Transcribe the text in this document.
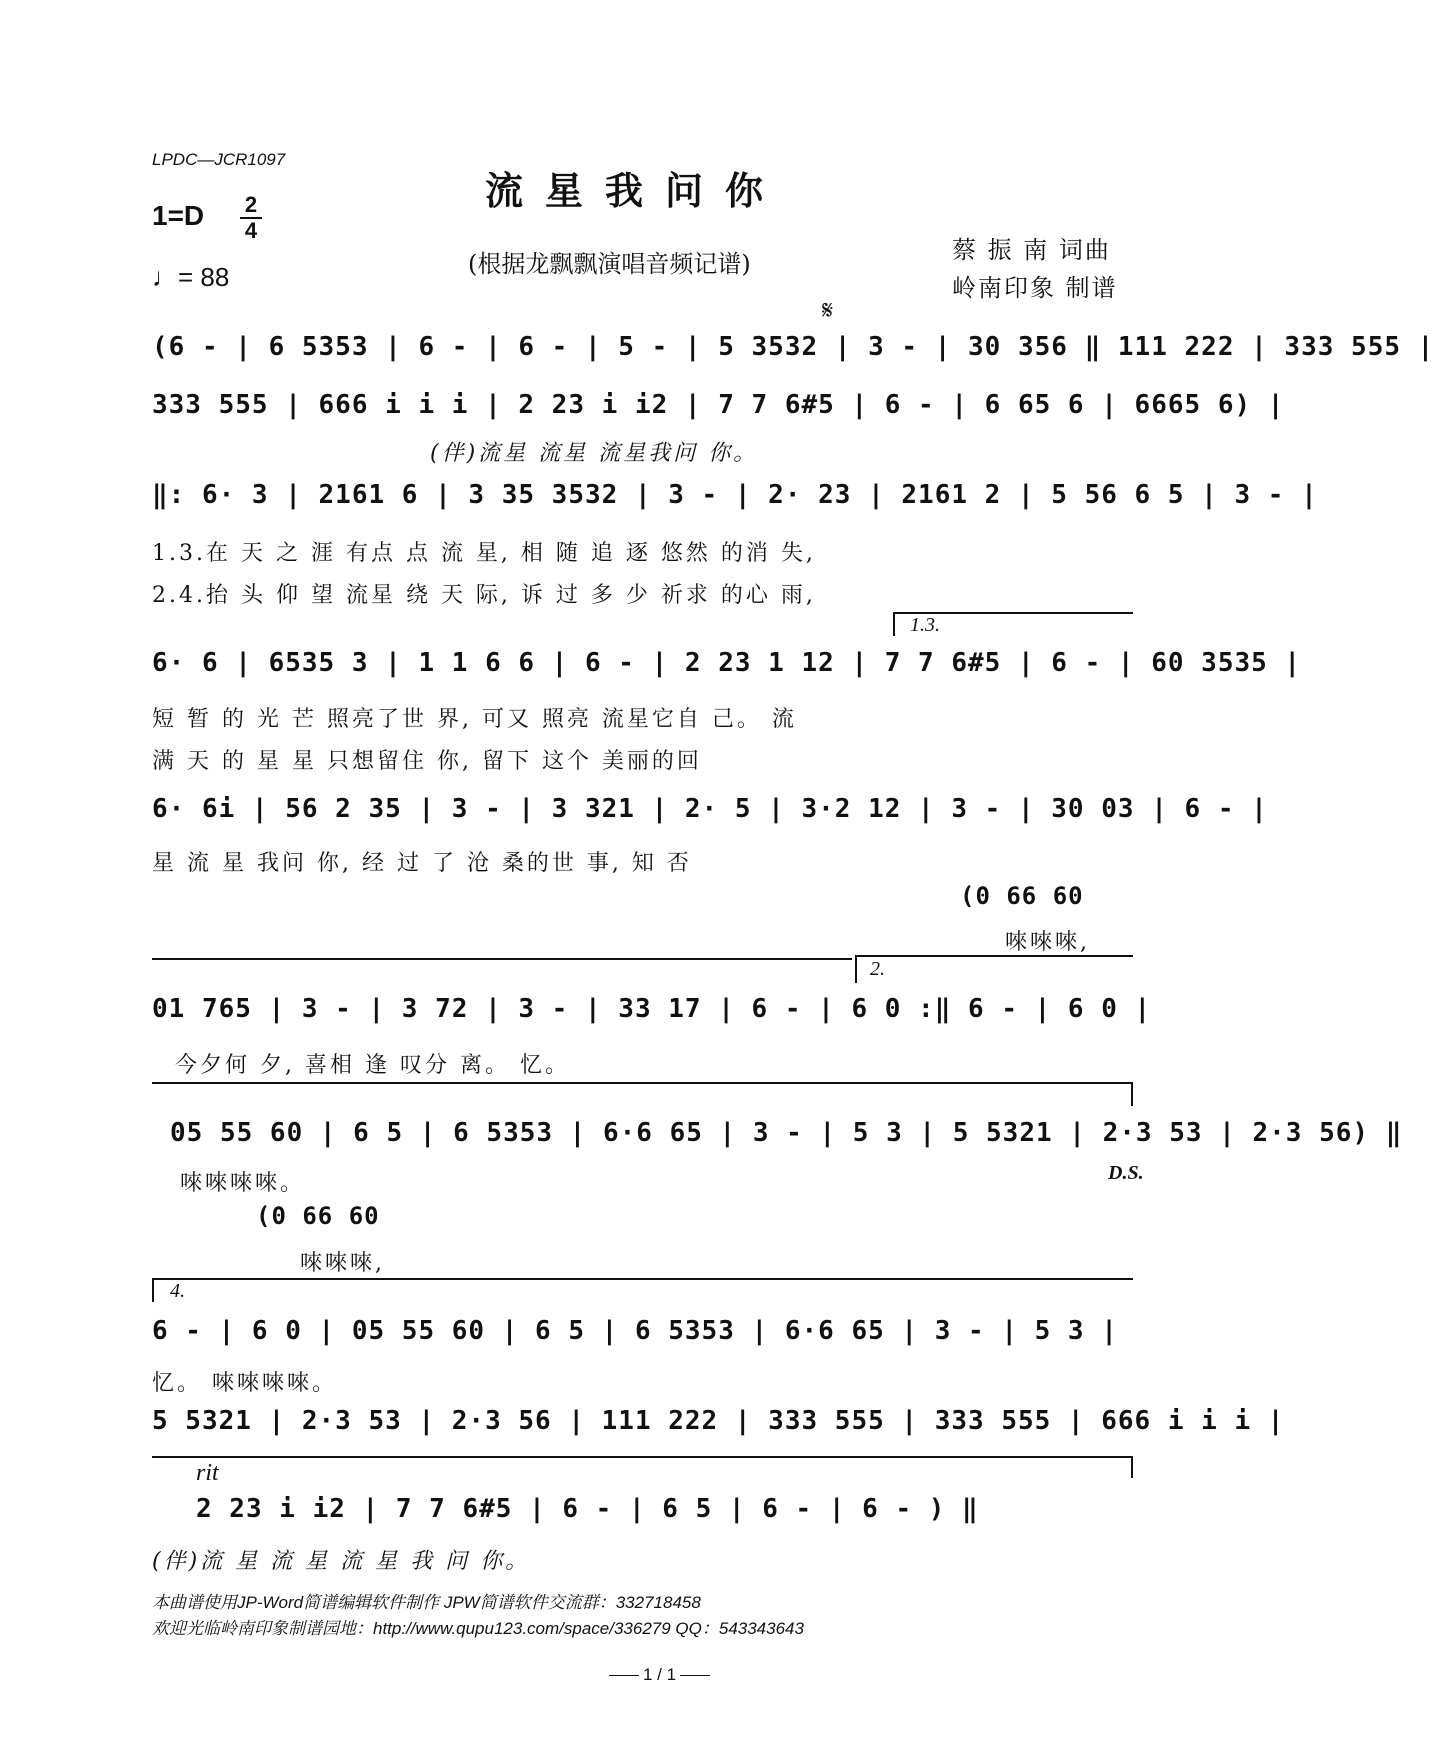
LPDC—JCR1097
流星我问你
(根据龙飘飘演唱音频记谱)
1=D 2
4
♩= 88
蔡 振 南 词曲
岭南印象 制谱
𝄋
(6 - | 6 5353 | 6 - | 6 - | 5 - | 5 3532 | 3 - | 30 356 ‖ 111 222 | 333 555 |
333 555 | 666 i i i | 2 23 i i2 | 7 7 6#5 | 6 - | 6 65 6 | 6665 6) |
(伴)流星 流星 流星我问 你。
‖: 6· 3 | 2161 6 | 3 35 3532 | 3 - | 2· 23 | 2161 2 | 5 56 6 5 | 3 - |
1.3.在 天 之 涯 有点 点 流 星, 相 随 追 逐 悠然 的消 失,
2.4.抬 头 仰 望 流星 绕 天 际, 诉 过 多 少 祈求 的心 雨,
1.3.
6· 6 | 6535 3 | 1 1 6 6 | 6 - | 2 23 1 12 | 7 7 6#5 | 6 - | 60 3535 |
短 暂 的 光 芒 照亮了世 界, 可又 照亮 流星它自 己。 流
满 天 的 星 星 只想留住 你, 留下 这个 美丽的回
6· 6i | 56 2 35 | 3 - | 3 321 | 2· 5 | 3·2 12 | 3 - | 30 03 | 6 - |
星 流 星 我问 你, 经 过 了 沧 桑的世 事, 知 否
(0 66 60
唻唻唻,
2.
01 765 | 3 - | 3 72 | 3 - | 33 17 | 6 - | 6 0 :‖ 6 - | 6 0 |
今夕何 夕, 喜相 逢 叹分 离。 忆。
05 55 60 | 6 5 | 6 5353 | 6·6 65 | 3 - | 5 3 | 5 5321 | 2·3 53 | 2·3 56) ‖
唻唻唻唻。	D.S.
(0 66 60
唻唻唻,
4.
6 - | 6 0 | 05 55 60 | 6 5 | 6 5353 | 6·6 65 | 3 - | 5 3 |
忆。 唻唻唻唻。
5 5321 | 2·3 53 | 2·3 56 | 111 222 | 333 555 | 333 555 | 666 i i i |
rit
2 23 i i2 | 7 7 6#5 | 6 - | 6 5 | 6 - | 6 - ) ‖
(伴)流 星 流 星 流 星 我 问 你。
本曲谱使用JP-Word简谱编辑软件制作 JPW简谱软件交流群：332718458
欢迎光临岭南印象制谱园地：http://www.qupu123.com/space/336279 QQ：543343643
1 / 1
